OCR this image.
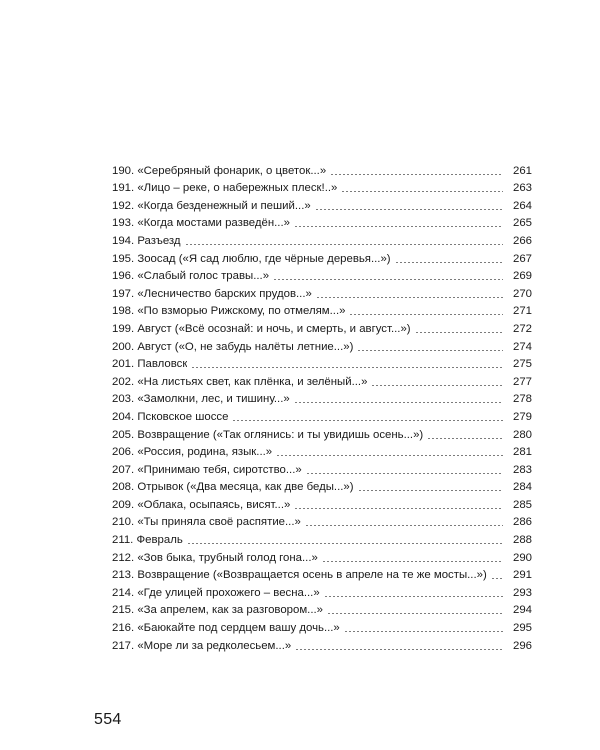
190. «Серебряный фонарик, о цветок...»	261
191. «Лицо – реке, о набережных плеск!..»	263
192. «Когда безденежный и пеший...»	264
193. «Когда мостами разведён...»	265
194. Разъезд	266
195. Зоосад («Я сад люблю, где чёрные деревья...»)	267
196. «Слабый голос травы...»	269
197. «Лесничество барских прудов...»	270
198. «По взморью Рижскому, по отмелям...»	271
199. Август («Всё осознай: и ночь, и смерть, и август...»)	272
200. Август («О, не забудь налёты летние...»)	274
201. Павловск	275
202. «На листьях свет, как плёнка, и зелёный...»	277
203. «Замолкни, лес, и тишину...»	278
204. Псковское шоссе	279
205. Возвращение («Так оглянись: и ты увидишь осень...»)	280
206. «Россия, родина, язык...»	281
207. «Принимаю тебя, сиротство...»	283
208. Отрывок («Два месяца, как две беды...»)	284
209. «Облака, осыпаясь, висят...»	285
210. «Ты приняла своё распятие...»	286
211. Февраль	288
212. «Зов быка, трубный голод гона...»	290
213. Возвращение («Возвращается осень в апреле на те же мосты...»)	291
214. «Где улицей прохожего – весна...»	293
215. «За апрелем, как за разговором...»	294
216. «Баюкайте под сердцем вашу дочь...»	295
217. «Море ли за редколесьем...»	296
554
